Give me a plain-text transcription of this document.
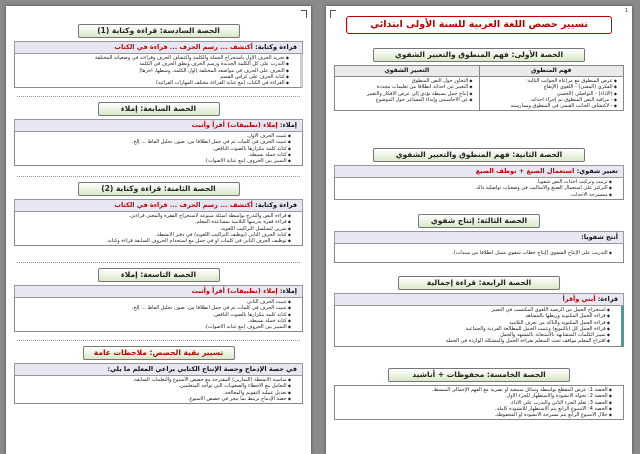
الحصة السادسة: قراءة وكتابة (1)
قراءة وكتابة: أكتشف ... رسم الحرف ... قراءة في الكتاب
◆ تجريد الحرف الأول باستخراج الجملة والكلمة واكتشاف الحرف وقراءته في وضعياته المختلفة
◆ التدرب على كل الكلمة الجديدة ورسم الحرف ونطق الحرف في الكلمة
◆ التعرف على الحرف في مواضعه المختلفة (أول الكلمة، وسطها، آخرها)
◆ كتابة الحرف على كراس القسم
◆ القراءة في الكتاب (مع عناية القراءة مختلف المهارات القرائية)
الحصة السابعة: إملاء
إملاء: إملاء (تطبيقات) أقرأ وأثبت
◆ تثبيت الحرف الأول.
◆ تثبيت الحرف في كلمات ثم في جمل انطلاقا من: صور، تحليل الفاظ ... إلخ.
◆ كتابة كلمة بتكرارها بالصوت الناقص.
◆ كتابة جملة بسيطة.
◆ التمييز بين الحروف (مع عناية الأصوات).
الحصة الثامنة: قراءة وكتابة (2)
قراءة وكتابة: أكتشف ... رسم الحرف ... قراءة في الكتاب
◆ قراءة النص والتدرج بواسطة أسئلة متنوعة لاستخراج الفقرة والمعنى قراءتي.
◆ قراءة فقرة يدرسها التلاميذ بمساعدة المعلم.
◆ تمرين لتسلسل التراكيب اللغوية.
◆ كتابة الحرف الثاني (توظيف التراكيب اللغوية) في دفتر الأنشطة.
◆ توظيف الحرف الثاني في كلمات أو في جمل مع استخدام الحروف السابقة قراءة وكتابة.
الحصة التاسعة: إملاء
إملاء: إملاء (تطبيقات) أقرأ وأثبت
◆ تثبيت الحرف الثاني
◆ تثبيت الحرف في كلمات ثم في جمل انطلاقا من: صور، تحليل الفاظ ... إلخ.
◆ كتابة كلمة بتكرارها بالصوت الناقص.
◆ كتابة جملة بسيطة.
◆ التمييز بين الحروف (مع عناية الأصوات).
تسيير بقية الحصص: ملاحظات عامة
في حصة الإدماج وحصة الإنتاج الكتابي يراعي المعلم ما يلي:
◆ مناسبة الأنشطة (التمارين) المقترحة مع حصص الأسبوع والتعلمات السابقة.
◆ التعامل مع الأخطاء والصعوبات التي تواجه المتعلمين.
◆ تعديل عملية التقويم والمعالجة.
◆ حصة الإدماج ترتبط بما ينجز في حصص الأسبوع.
1
تسيير حصص اللغة العربية للسنة الأولى ابتدائي
الحصة الأولى: فهم المنطوق والتعبير الشفوي
فهم المنطوق
◆ عرض المنطوق مع مراعاة الجوانب التالية:
◆ الفكري (المعنى) - اللغوي (الإيقاع
◆ (الأداء) - التواصلي (الحسي
◆ - مراقبة النص المنطوق ثم إجراء أحداثه.
◆ - لاكتشاف الجانب القيمي في المنطوق وممارسته
التعبير الشفوي
◆ التحاور حول النص المنطوق
◆ التعبير عن أحداثه انطلاقا من تعليمات محددة
◆ إنتاج جمل بسيطة تؤدي إلى عرض الأفكار والتعبير
◆ عن الأحاسيس وإبداء المشاعر حول الموضوع
الحصة الثانية: فهم المنطوق والتعبير الشفوي
تعبير شفوي: استعمال الصيغ + توظف الصيغ
◆ ترتيب وتركيب أحداث النص شفويا.
◆ التركيز على استعمال الصيغ والأساليب في وضعيات تواصلية دالة.
◆ ممسرحة الأحداث.
الحصة الثالثة: إنتاج شفوي
أنتج شفويا:
◆ التدريب على الإنتاج الشفوي (إنتاج خطاب شفوي ممثل انطلاقا من سندات).
الحصة الرابعة: قراءة إجمالية
قراءة: أبني وأقرأ
◆ استخراج الجمل من الرصيد اللغوي المكتسب في التعبير
◆ قراءة الجمل المكتوبة وربطها بالمشاهد
◆ قراءة الجمل المكتوبة والتأكد من تعرف التلاميذ
◆ قراءة الجمل كل (بالتنويع) وتثبيت الجمل للمطالعة الفردية والجماعية
◆ تمييز الكلمات المتشابهة بالاستعانة بالمشهد والجمل
◆ اقتراح المعلم مواقف تحث المتعلم بقراءة الجمل والمشكلة الواردة في الجملة
الحصة الخامسة: محفوظات + أناشيد
◆ الحصة 1: عرض المقطع بواسطة وسائل سمعية أو بصرية مع الفهم الإجمالي المبسط.
◆ الحصة 2: تحولة الأنشودة والاستظهار للجزء الأول.
◆ الحصة 3: تعلم الجزء الثاني والتدرب على الأداء.
◆ الحصة 4: الأسبوع الرابع يتم الاستظهار للأنشودة كاملة.
◆ خلال الأسبوع الرابع يتم مسرحة الأنشودة أو المحفوظة.
